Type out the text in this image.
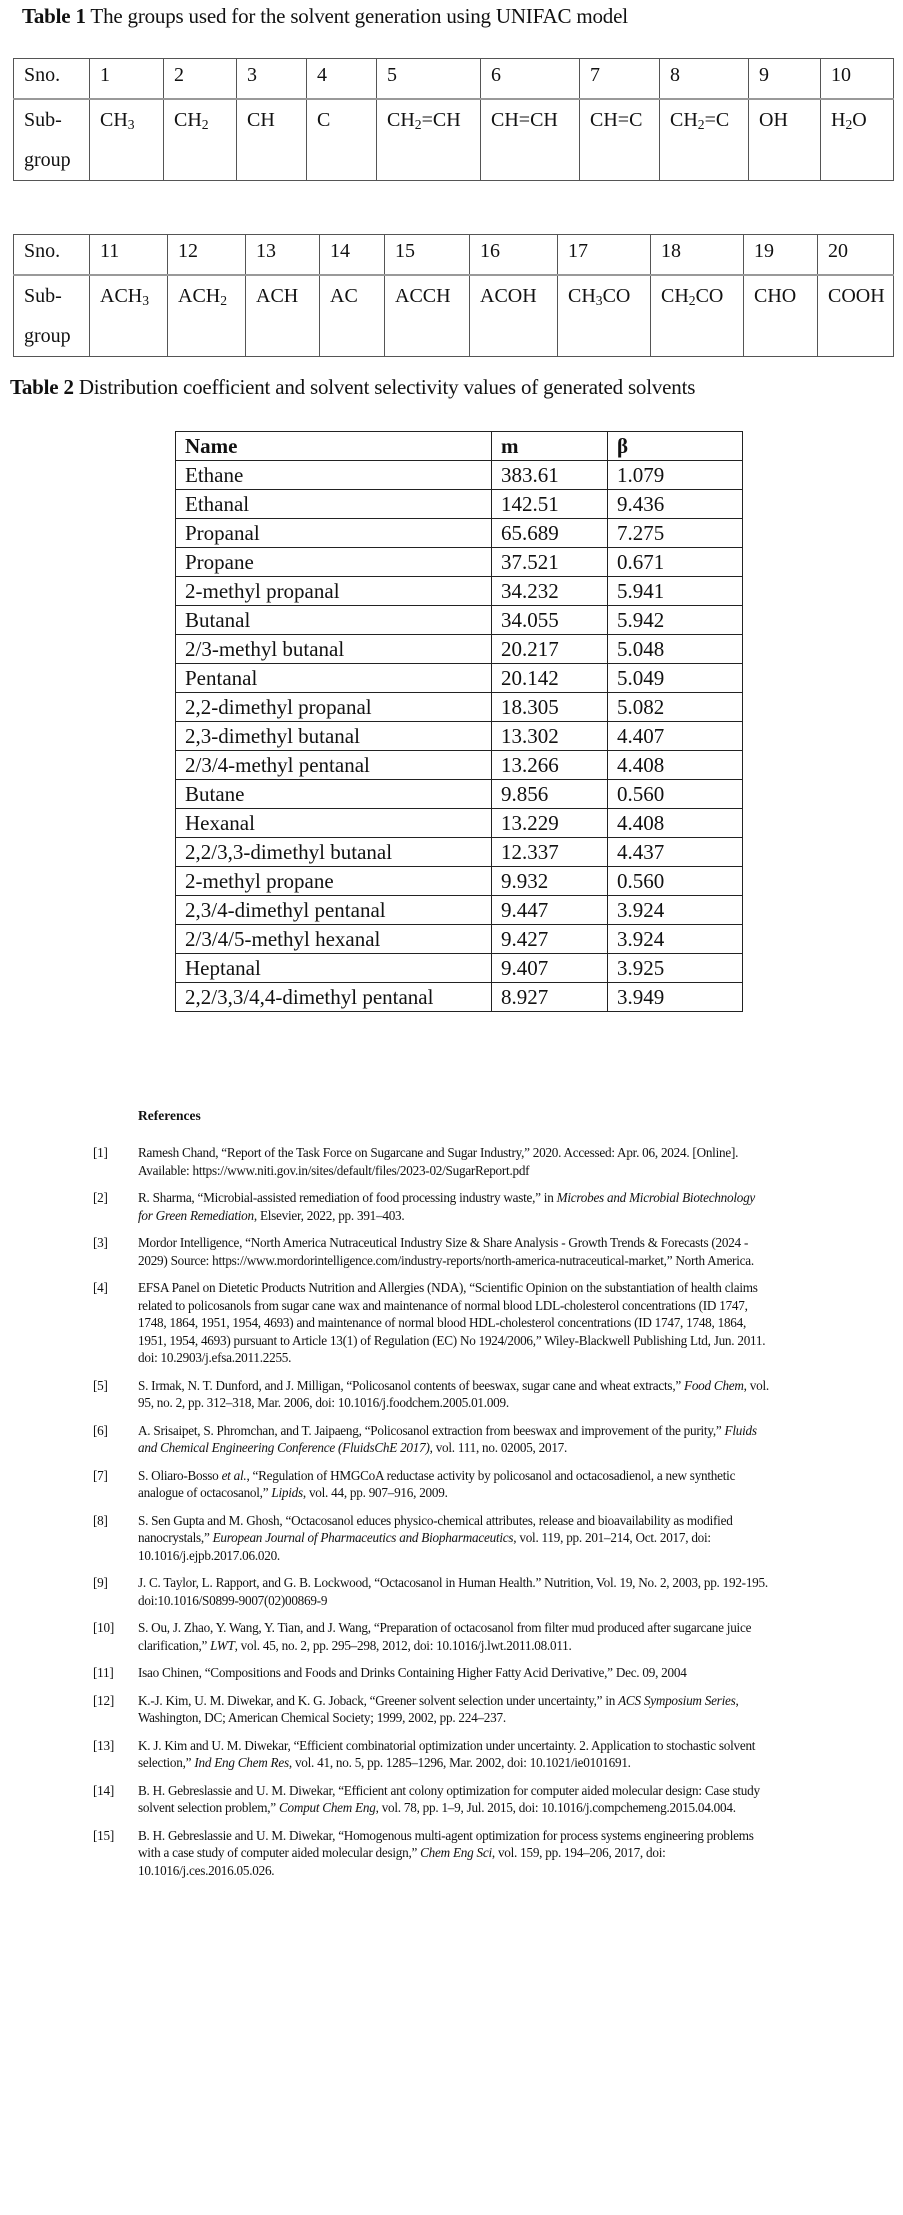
Table 1 The groups used for the solvent generation using UNIFAC model
Sno.	1	2	3	4	5	6	7	8	9	10
Sub-
group	$CH_3$	$CH_2$	CH	C	$CH_2=CH$	CH=CH	CH=C	$CH_2=C$	OH	$H_2O$
Sno.	11	12	13	14	15	16	17	18	19	20
Sub-
group	$ACH_3$	$ACH_2$	ACH	AC	ACCH	ACOH	$CH_3CO$	$CH_2CO$	CHO	COOH
Table 2 Distribution coefficient and solvent selectivity values of generated solvents
Name	m	β
Ethane	383.61	1.079
Ethanal	142.51	9.436
Propanal	65.689	7.275
Propane	37.521	0.671
2-methyl propanal	34.232	5.941
Butanal	34.055	5.942
2/3-methyl butanal	20.217	5.048
Pentanal	20.142	5.049
2,2-dimethyl propanal	18.305	5.082
2,3-dimethyl butanal	13.302	4.407
2/3/4-methyl pentanal	13.266	4.408
Butane	9.856	0.560
Hexanal	13.229	4.408
2,2/3,3-dimethyl butanal	12.337	4.437
2-methyl propane	9.932	0.560
2,3/4-dimethyl pentanal	9.447	3.924
2/3/4/5-methyl hexanal	9.427	3.924
Heptanal	9.407	3.925
2,2/3,3/4,4-dimethyl pentanal	8.927	3.949
References
[1] Ramesh Chand, “Report of the Task Force on Sugarcane and Sugar Industry,” 2020. Accessed: Apr. 06, 2024. [Online]. Available: https://www.niti.gov.in/sites/default/files/2023-02/SugarReport.pdf
[2] R. Sharma, “Microbial-assisted remediation of food processing industry waste,” in Microbes and Microbial Biotechnology for Green Remediation, Elsevier, 2022, pp. 391–403.
[3] Mordor Intelligence, “North America Nutraceutical Industry Size & Share Analysis - Growth Trends & Forecasts (2024 - 2029) Source: https://www.mordorintelligence.com/industry-reports/north-america-nutraceutical-market,” North America.
[4] EFSA Panel on Dietetic Products Nutrition and Allergies (NDA), “Scientific Opinion on the substantiation of health claims related to policosanols from sugar cane wax and maintenance of normal blood LDL-cholesterol concentrations (ID 1747, 1748, 1864, 1951, 1954, 4693) and maintenance of normal blood HDL-cholesterol concentrations (ID 1747, 1748, 1864, 1951, 1954, 4693) pursuant to Article 13(1) of Regulation (EC) No 1924/2006,” Wiley-Blackwell Publishing Ltd, Jun. 2011. doi: 10.2903/j.efsa.2011.2255.
[5] S. Irmak, N. T. Dunford, and J. Milligan, “Policosanol contents of beeswax, sugar cane and wheat extracts,” Food Chem, vol. 95, no. 2, pp. 312–318, Mar. 2006, doi: 10.1016/j.foodchem.2005.01.009.
[6] A. Srisaipet, S. Phromchan, and T. Jaipaeng, “Policosanol extraction from beeswax and improvement of the purity,” Fluids and Chemical Engineering Conference (FluidsChE 2017), vol. 111, no. 02005, 2017.
[7] S. Oliaro-Bosso et al., “Regulation of HMGCoA reductase activity by policosanol and octacosadienol, a new synthetic analogue of octacosanol,” Lipids, vol. 44, pp. 907–916, 2009.
[8] S. Sen Gupta and M. Ghosh, “Octacosanol educes physico-chemical attributes, release and bioavailability as modified nanocrystals,” European Journal of Pharmaceutics and Biopharmaceutics, vol. 119, pp. 201–214, Oct. 2017, doi: 10.1016/j.ejpb.2017.06.020.
[9] J. C. Taylor, L. Rapport, and G. B. Lockwood, “Octacosanol in Human Health.” Nutrition, Vol. 19, No. 2, 2003, pp. 192-195. doi:10.1016/S0899-9007(02)00869-9
[10] S. Ou, J. Zhao, Y. Wang, Y. Tian, and J. Wang, “Preparation of octacosanol from filter mud produced after sugarcane juice clarification,” LWT, vol. 45, no. 2, pp. 295–298, 2012, doi: 10.1016/j.lwt.2011.08.011.
[11] Isao Chinen, “Compositions and Foods and Drinks Containing Higher Fatty Acid Derivative,” Dec. 09, 2004
[12] K.-J. Kim, U. M. Diwekar, and K. G. Joback, “Greener solvent selection under uncertainty,” in ACS Symposium Series, Washington, DC; American Chemical Society; 1999, 2002, pp. 224–237.
[13] K. J. Kim and U. M. Diwekar, “Efficient combinatorial optimization under uncertainty. 2. Application to stochastic solvent selection,” Ind Eng Chem Res, vol. 41, no. 5, pp. 1285–1296, Mar. 2002, doi: 10.1021/ie0101691.
[14] B. H. Gebreslassie and U. M. Diwekar, “Efficient ant colony optimization for computer aided molecular design: Case study solvent selection problem,” Comput Chem Eng, vol. 78, pp. 1–9, Jul. 2015, doi: 10.1016/j.compchemeng.2015.04.004.
[15] B. H. Gebreslassie and U. M. Diwekar, “Homogenous multi-agent optimization for process systems engineering problems with a case study of computer aided molecular design,” Chem Eng Sci, vol. 159, pp. 194–206, 2017, doi: 10.1016/j.ces.2016.05.026.
